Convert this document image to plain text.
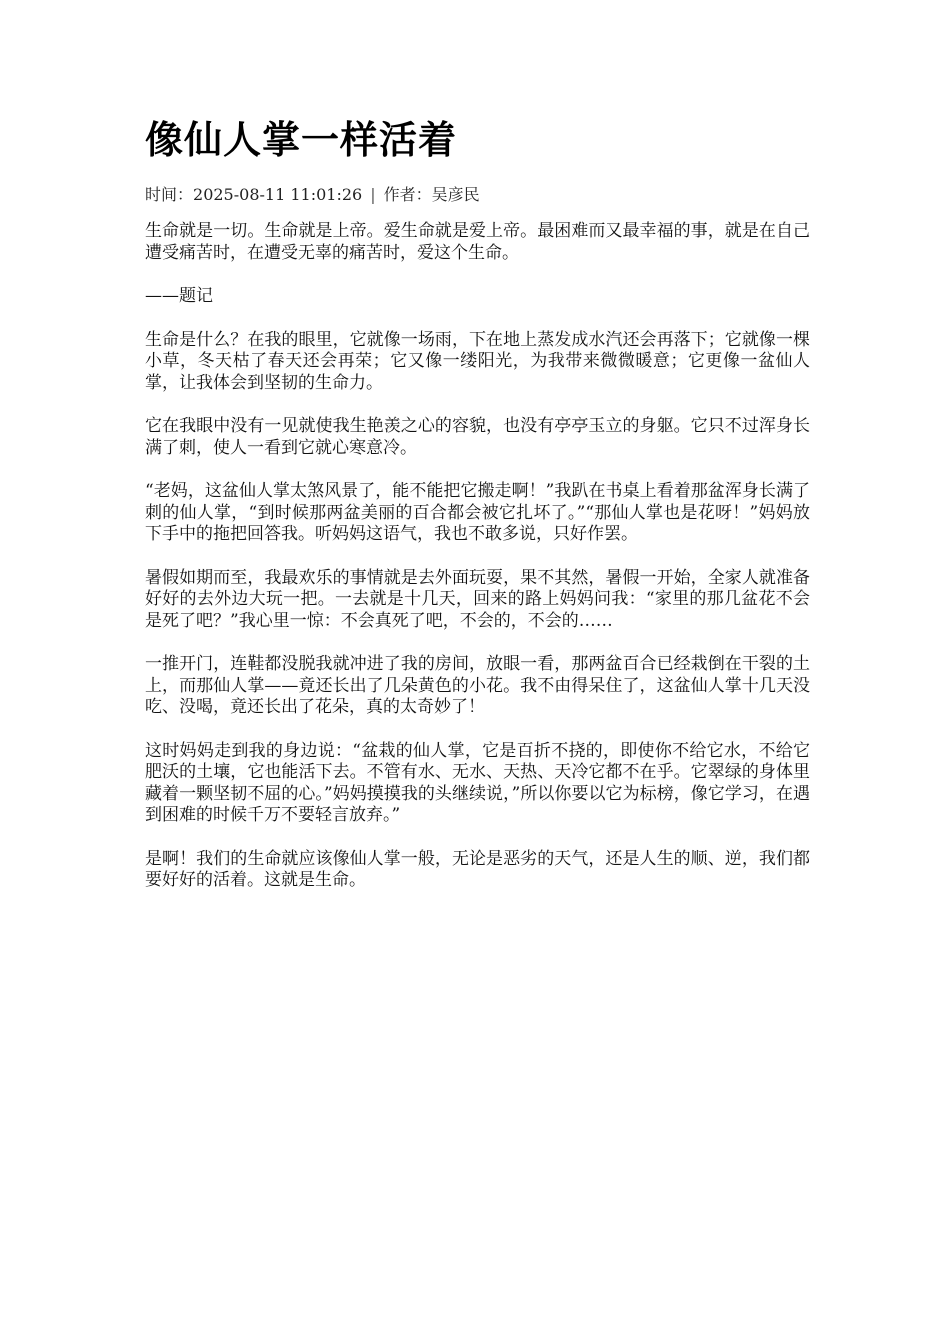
像仙人掌一样活着
时间：2025-08-11 11:01:26 | 作者：吴彦民

生命就是一切。生命就是上帝。爱生命就是爱上帝。最困难而又最幸福的事，就是在自己遭受痛苦时，在遭受无辜的痛苦时，爱这个生命。

——题记

生命是什么？在我的眼里，它就像一场雨，下在地上蒸发成水汽还会再落下；它就像一棵小草，冬天枯了春天还会再荣；它又像一缕阳光，为我带来微微暖意；它更像一盆仙人掌，让我体会到坚韧的生命力。

它在我眼中没有一见就使我生艳羡之心的容貌，也没有亭亭玉立的身躯。它只不过浑身长满了刺，使人一看到它就心寒意冷。

“老妈，这盆仙人掌太煞风景了，能不能把它搬走啊！”我趴在书桌上看着那盆浑身长满了刺的仙人掌，“到时候那两盆美丽的百合都会被它扎坏了。”“那仙人掌也是花呀！”妈妈放下手中的拖把回答我。听妈妈这语气，我也不敢多说，只好作罢。

暑假如期而至，我最欢乐的事情就是去外面玩耍，果不其然，暑假一开始，全家人就准备好好的去外边大玩一把。一去就是十几天，回来的路上妈妈问我：“家里的那几盆花不会是死了吧？”我心里一惊：不会真死了吧，不会的，不会的……

一推开门，连鞋都没脱我就冲进了我的房间，放眼一看，那两盆百合已经栽倒在干裂的土上，而那仙人掌——竟还长出了几朵黄色的小花。我不由得呆住了，这盆仙人掌十几天没吃、没喝，竟还长出了花朵，真的太奇妙了！

这时妈妈走到我的身边说：“盆栽的仙人掌，它是百折不挠的，即使你不给它水，不给它肥沃的土壤，它也能活下去。不管有水、无水、天热、天冷它都不在乎。它翠绿的身体里藏着一颗坚韧不屈的心。”妈妈摸摸我的头继续说，”所以你要以它为标榜，像它学习，在遇到困难的时候千万不要轻言放弃。”

是啊！我们的生命就应该像仙人掌一般，无论是恶劣的天气，还是人生的顺、逆，我们都要好好的活着。这就是生命。
